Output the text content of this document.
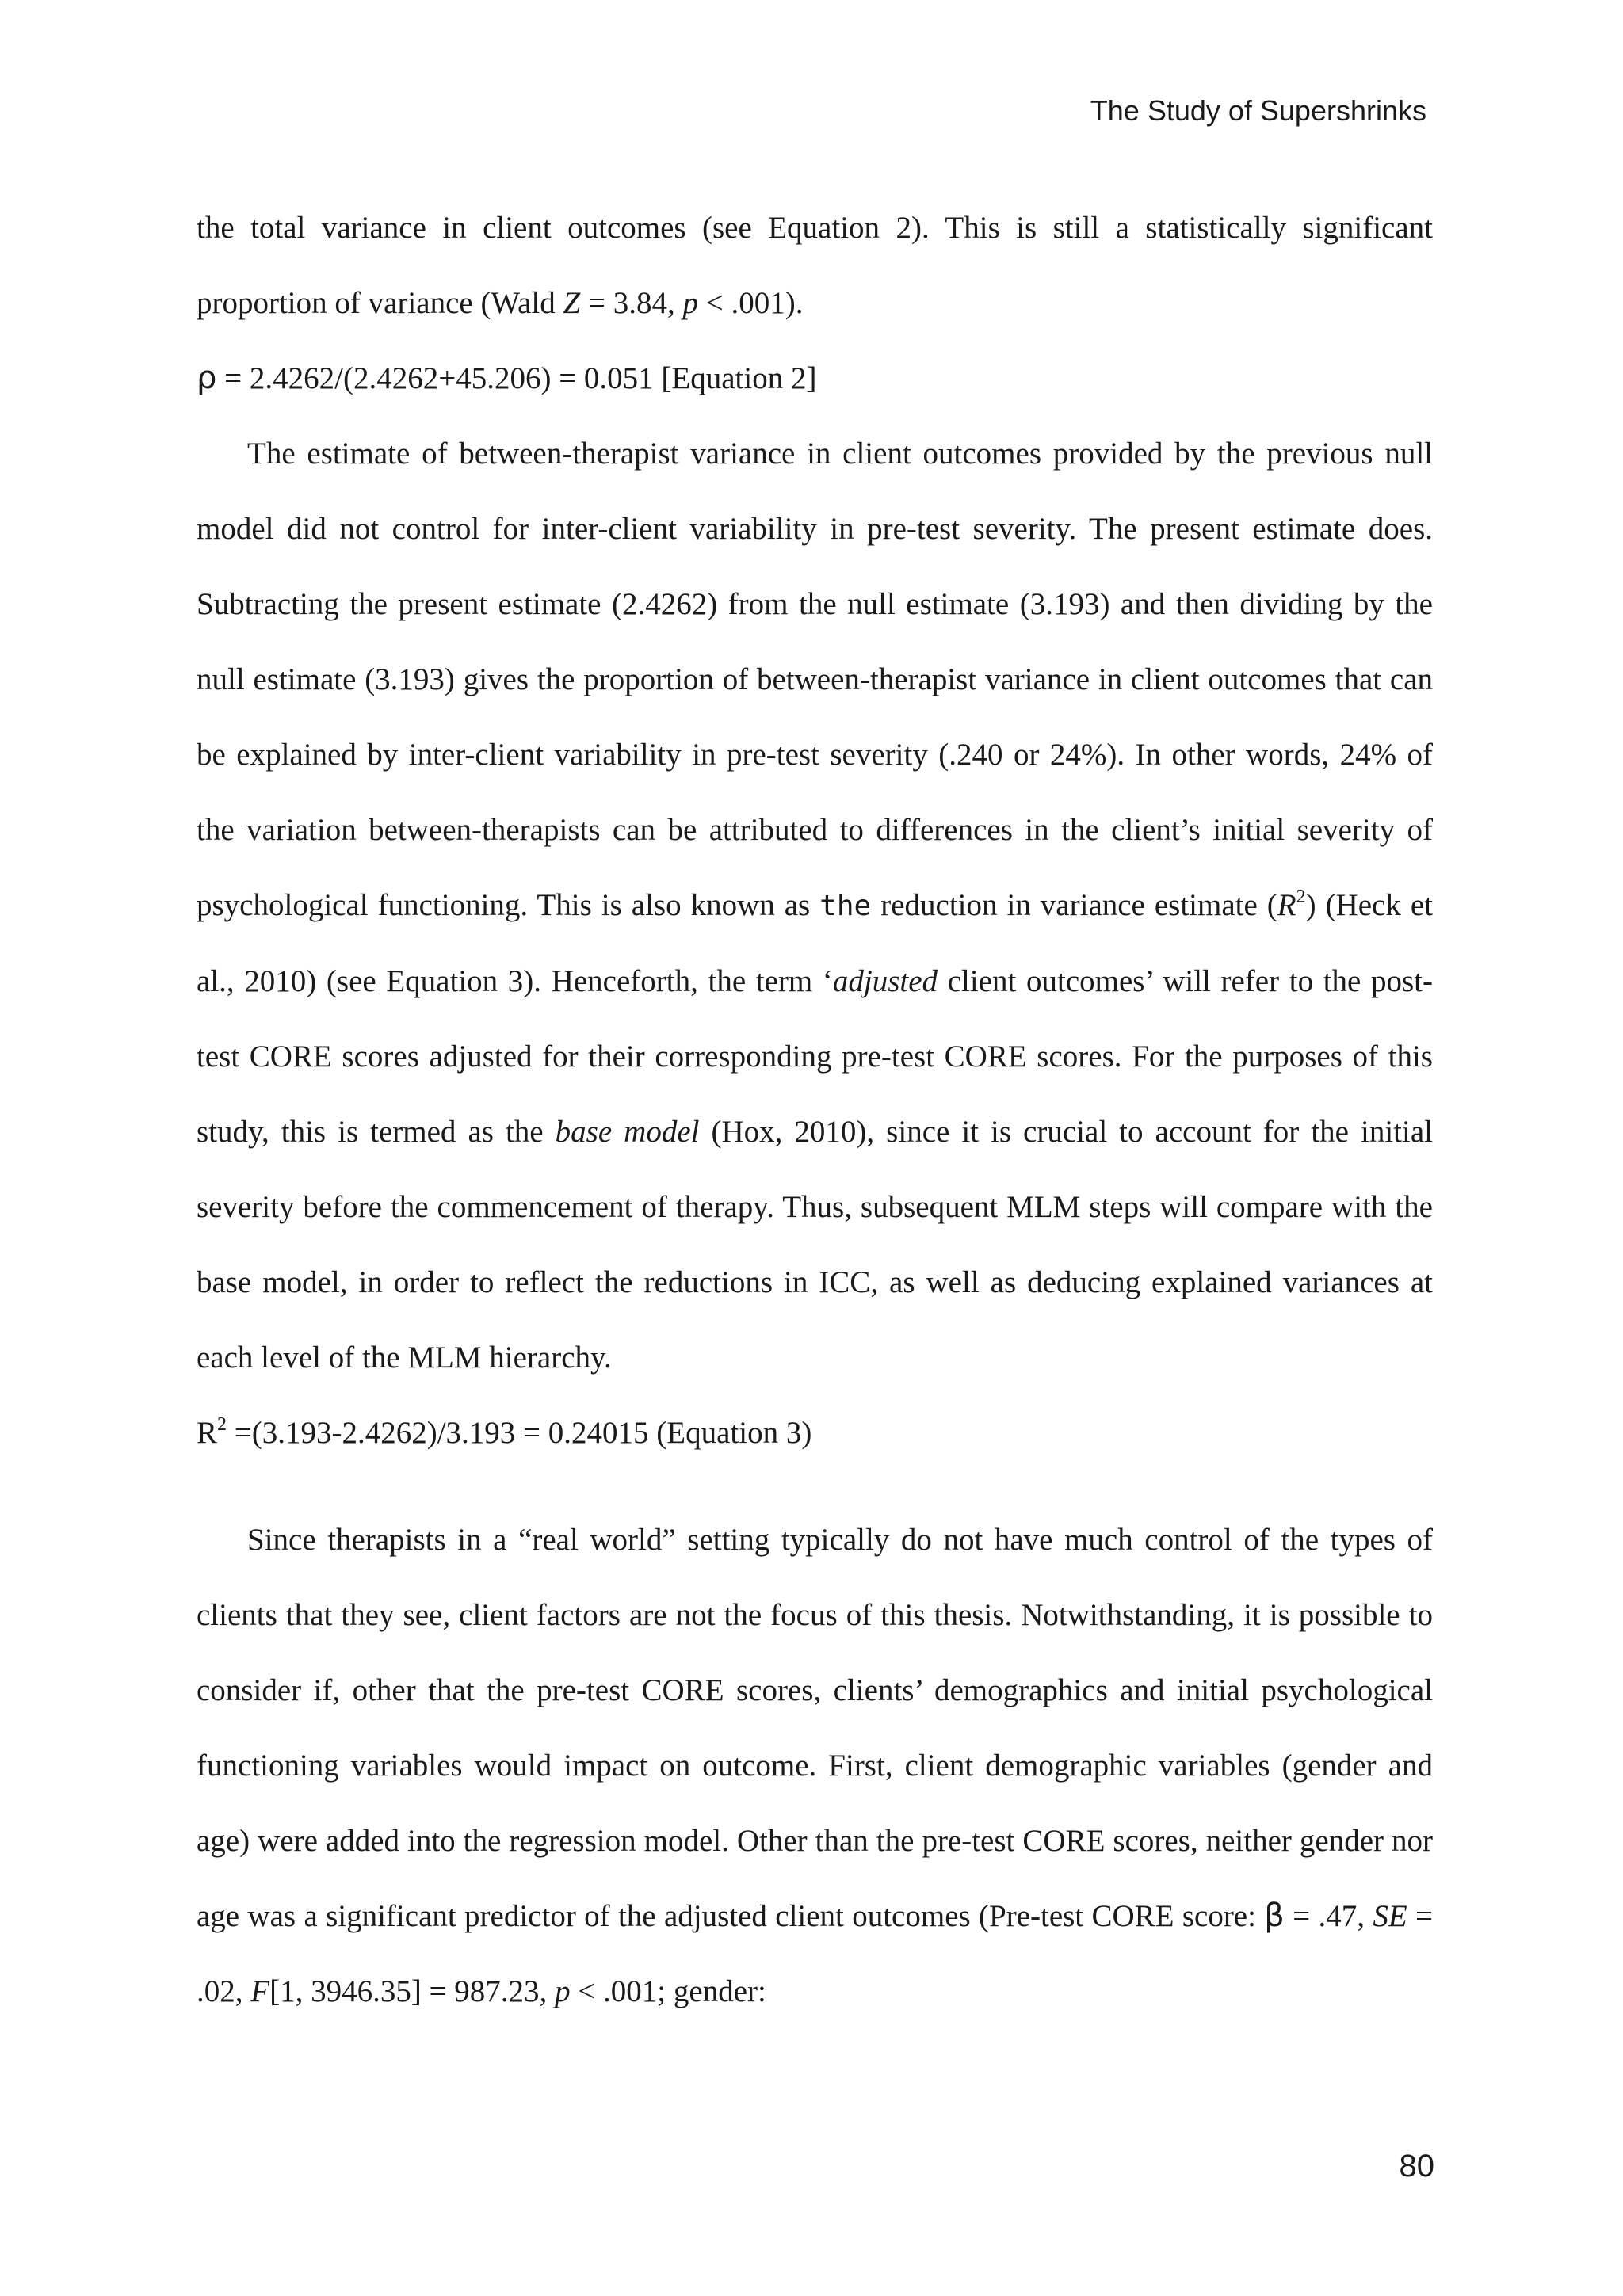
The Study of Supershrinks

the total variance in client outcomes (see Equation 2). This is still a statistically significant proportion of variance (Wald Z = 3.84, p < .001).

ρ = 2.4262/(2.4262+45.206) = 0.051 [Equation 2]

The estimate of between-therapist variance in client outcomes provided by the previous null model did not control for inter-client variability in pre-test severity. The present estimate does. Subtracting the present estimate (2.4262) from the null estimate (3.193) and then dividing by the null estimate (3.193) gives the proportion of between-therapist variance in client outcomes that can be explained by inter-client variability in pre-test severity (.240 or 24%). In other words, 24% of the variation between-therapists can be attributed to differences in the client’s initial severity of psychological functioning. This is also known as the reduction in variance estimate $(R^2)$ (Heck et al., 2010) (see Equation 3). Henceforth, the term ‘adjusted client outcomes’ will refer to the post-test CORE scores adjusted for their corresponding pre-test CORE scores. For the purposes of this study, this is termed as the base model (Hox, 2010), since it is crucial to account for the initial severity before the commencement of therapy. Thus, subsequent MLM steps will compare with the base model, in order to reflect the reductions in ICC, as well as deducing explained variances at each level of the MLM hierarchy.

$R^2 =(3.193-2.4262)/3.193 = 0.24015$ (Equation 3)

Since therapists in a “real world” setting typically do not have much control of the types of clients that they see, client factors are not the focus of this thesis. Notwithstanding, it is possible to consider if, other that the pre-test CORE scores, clients’ demographics and initial psychological functioning variables would impact on outcome. First, client demographic variables (gender and age) were added into the regression model. Other than the pre-test CORE scores, neither gender nor age was a significant predictor of the adjusted client outcomes (Pre-test CORE score: β = .47, SE = .02, F[1, 3946.35] = 987.23, p < .001; gender:

80
